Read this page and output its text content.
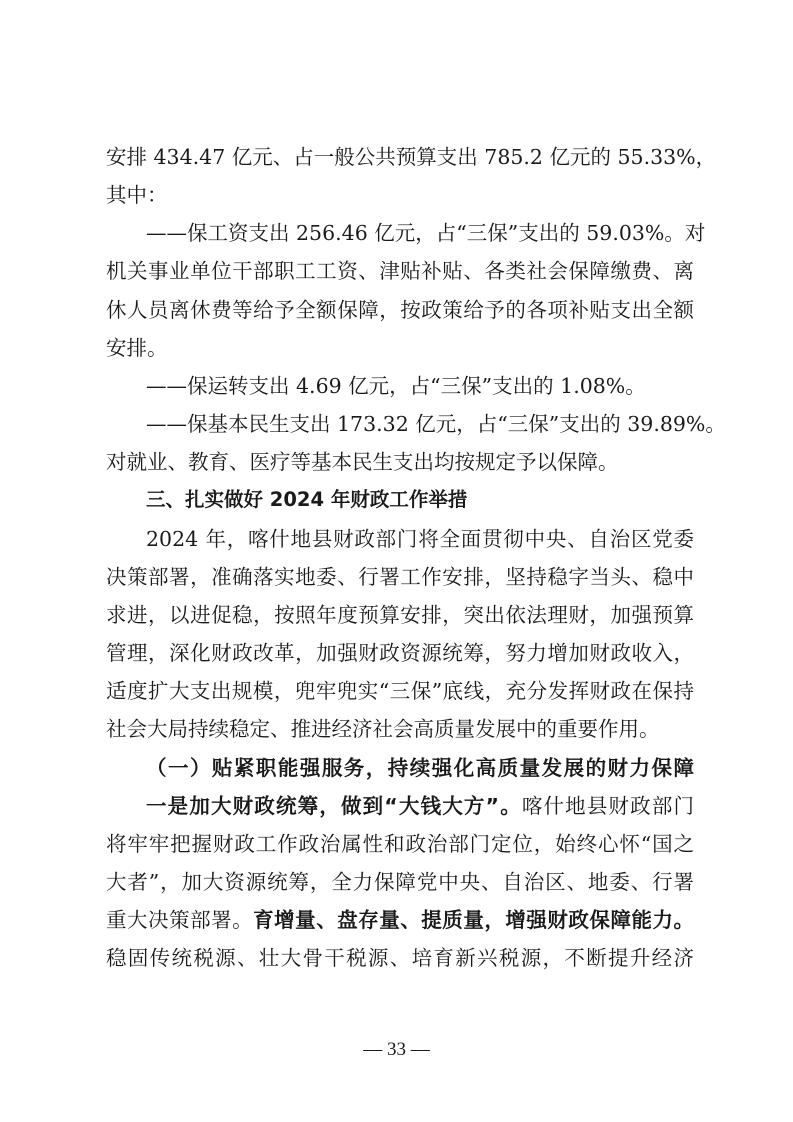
安排 434.47 亿元、占一般公共预算支出 785.2 亿元的 55.33%，
其中：
——保工资支出 256.46 亿元，占“三保”支出的 59.03%。对
机关事业单位干部职工工资、津贴补贴、各类社会保障缴费、离
休人员离休费等给予全额保障，按政策给予的各项补贴支出全额
安排。
——保运转支出 4.69 亿元，占“三保”支出的 1.08%。
——保基本民生支出 173.32 亿元，占“三保”支出的 39.89%。
对就业、教育、医疗等基本民生支出均按规定予以保障。
三、扎实做好 2024 年财政工作举措
2024 年，喀什地县财政部门将全面贯彻中央、自治区党委
决策部署，准确落实地委、行署工作安排，坚持稳字当头、稳中
求进，以进促稳，按照年度预算安排，突出依法理财，加强预算
管理，深化财政改革，加强财政资源统筹，努力增加财政收入，
适度扩大支出规模，兜牢兜实“三保”底线，充分发挥财政在保持
社会大局持续稳定、推进经济社会高质量发展中的重要作用。
（一）贴紧职能强服务，持续强化高质量发展的财力保障
一是加大财政统筹，做到“大钱大方”。喀什地县财政部门
将牢牢把握财政工作政治属性和政治部门定位，始终心怀“国之
大者”，加大资源统筹，全力保障党中央、自治区、地委、行署
重大决策部署。育增量、盘存量、提质量，增强财政保障能力。
稳固传统税源、壮大骨干税源、培育新兴税源，不断提升经济
— 33 —
